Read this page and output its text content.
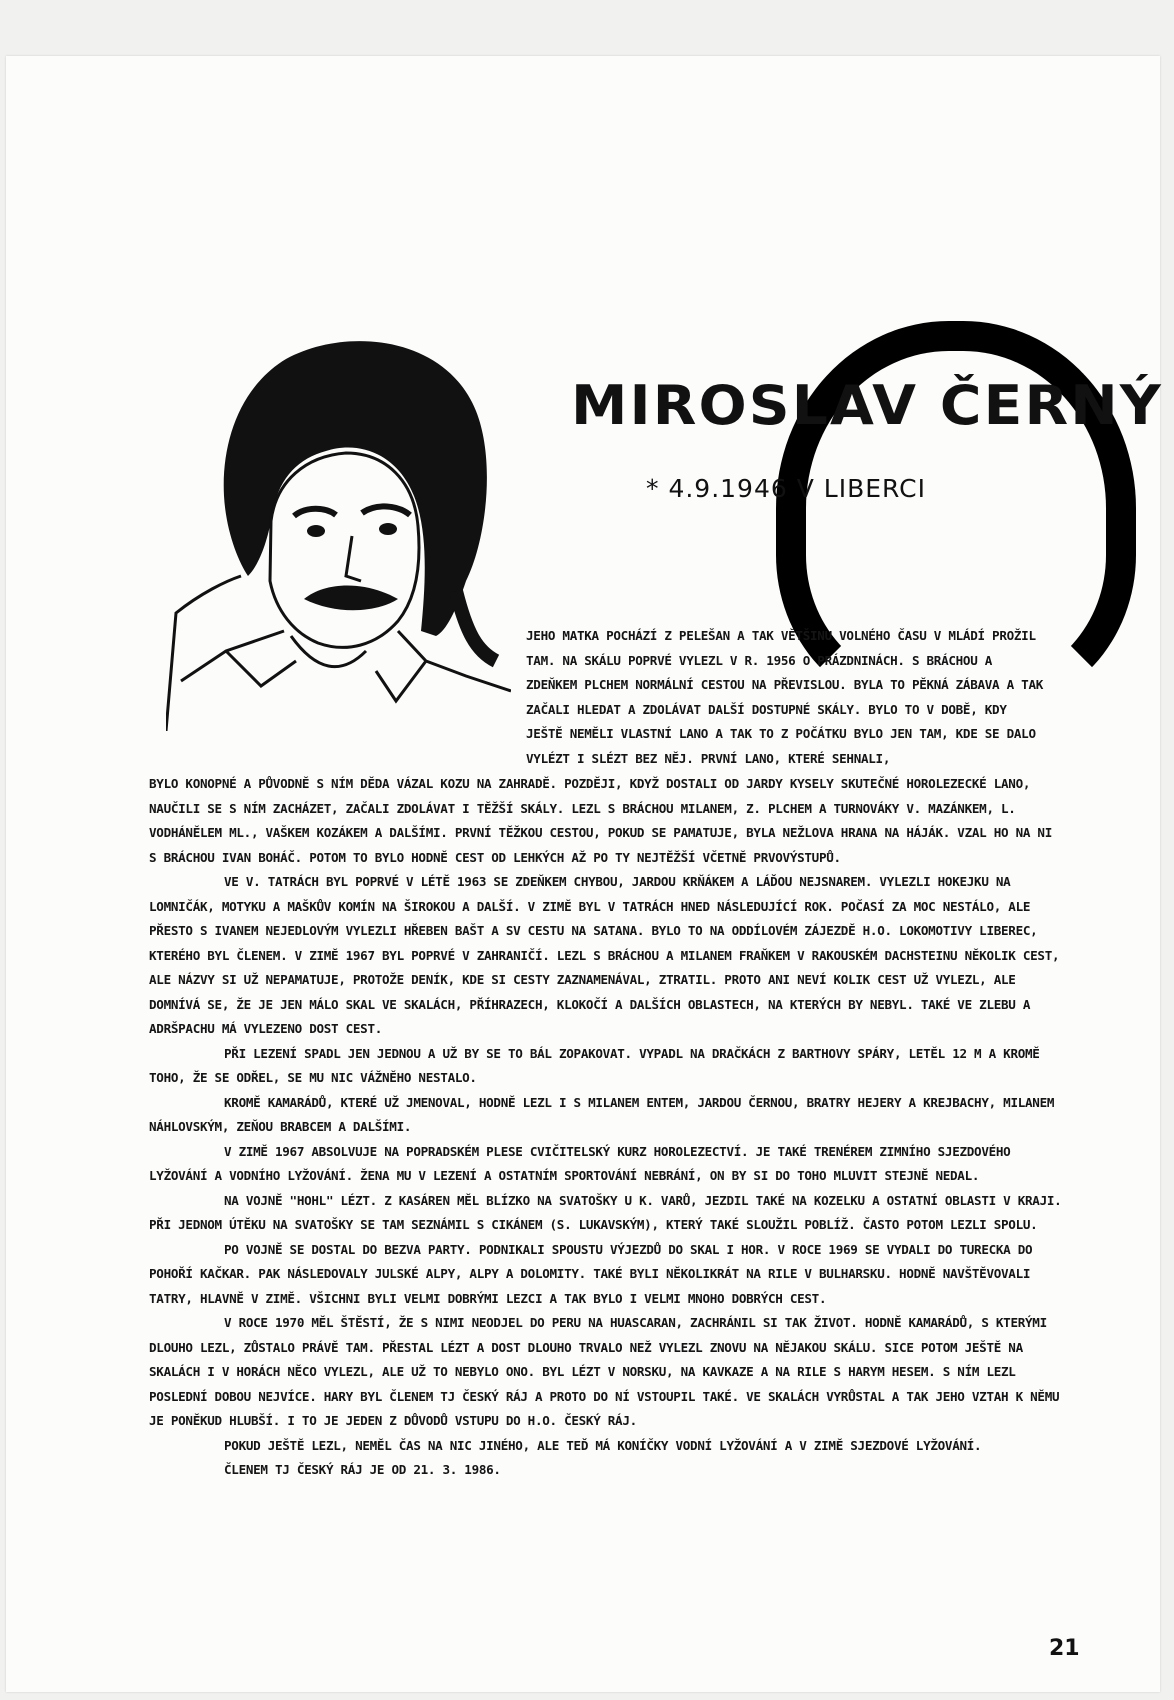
MIROSLAV ČERNÝ
* 4.9.1946 V LIBERCI

JEHO MATKA POCHÁZÍ Z PELEŠAN A TAK VĚTŠINU VOLNÉHO ČASU V MLÁDÍ PROŽIL TAM. NA SKÁLU POPRVÉ VYLEZL V R. 1956 O PRÁZDNINÁCH. S BRÁCHOU A ZDEŇKEM PLCHEM NORMÁLNÍ CESTOU NA PŘEVISLOU. BYLA TO PĚKNÁ ZÁBAVA A TAK ZAČALI HLEDAT A ZDOLÁVAT DALŠÍ DOSTUPNÉ SKÁLY. BYLO TO V DOBĚ, KDY JEŠTĚ NEMĚLI VLASTNÍ LANO A TAK TO Z POČÁTKU BYLO JEN TAM, KDE SE DALO VYLÉZT I SLÉZT BEZ NĚJ. PRVNÍ LANO, KTERÉ SEHNALI,

BYLO KONOPNÉ A PŮVODNĚ S NÍM DĚDA VÁZAL KOZU NA ZAHRADĚ. POZDĚJI, KDYŽ DOSTALI OD JARDY KYSELY SKUTEČNÉ HOROLEZECKÉ LANO, NAUČILI SE S NÍM ZACHÁZET, ZAČALI ZDOLÁVAT I TĚŽŠÍ SKÁLY. LEZL S BRÁCHOU MILANEM, Z. PLCHEM A TURNOVÁKY V. MAZÁNKEM, L. VODHÁNĚLEM ML., VAŠKEM KOZÁKEM A DALŠÍMI. PRVNÍ TĚŽKOU CESTOU, POKUD SE PAMATUJE, BYLA NEŽLOVA HRANA NA HÁJÁK. VZAL HO NA NI S BRÁCHOU IVAN BOHÁČ. POTOM TO BYLO HODNĚ CEST OD LEHKÝCH AŽ PO TY NEJTĚŽŠÍ VČETNĚ PRVOVÝSTUPŮ.

VE V. TATRÁCH BYL POPRVÉ V LÉTĚ 1963 SE ZDEŇKEM CHYBOU, JARDOU KRŇÁKEM A LÁĎOU NEJSNAREM. VYLEZLI HOKEJKU NA LOMNIČÁK, MOTYKU A MAŠKŮV KOMÍN NA ŠIROKOU A DALŠÍ. V ZIMĚ BYL V TATRÁCH HNED NÁSLEDUJÍCÍ ROK. POČASÍ ZA MOC NESTÁLO, ALE PŘESTO S IVANEM NEJEDLOVÝM VYLEZLI HŘEBEN BAŠT A SV CESTU NA SATANA. BYLO TO NA ODDÍLOVÉM ZÁJEZDĚ H.O. LOKOMOTIVY LIBEREC, KTERÉHO BYL ČLENEM. V ZIMĚ 1967 BYL POPRVÉ V ZAHRANIČÍ. LEZL S BRÁCHOU A MILANEM FRAŇKEM V RAKOUSKÉM DACHSTEINU NĚKOLIK CEST, ALE NÁZVY SI UŽ NEPAMATUJE, PROTOŽE DENÍK, KDE SI CESTY ZAZNAMENÁVAL, ZTRATIL. PROTO ANI NEVÍ KOLIK CEST UŽ VYLEZL, ALE DOMNÍVÁ SE, ŽE JE JEN MÁLO SKAL VE SKALÁCH, PŘÍHRAZECH, KLOKOČÍ A DALŠÍCH OBLASTECH, NA KTERÝCH BY NEBYL. TAKÉ VE ZLEBU A ADRŠPACHU MÁ VYLEZENO DOST CEST.

PŘI LEZENÍ SPADL JEN JEDNOU A UŽ BY SE TO BÁL ZOPAKOVAT. VYPADL NA DRAČKÁCH Z BARTHOVY SPÁRY, LETĚL 12 M A KROMĚ TOHO, ŽE SE ODŘEL, SE MU NIC VÁŽNĚHO NESTALO.

KROMĚ KAMARÁDŮ, KTERÉ UŽ JMENOVAL, HODNĚ LEZL I S MILANEM ENTEM, JARDOU ČERNOU, BRATRY HEJERY A KREJBACHY, MILANEM NÁHLOVSKÝM, ZEŇOU BRABCEM A DALŠÍMI.

V ZIMĚ 1967 ABSOLVUJE NA POPRADSKÉM PLESE CVIČITELSKÝ KURZ HOROLEZECTVÍ. JE TAKÉ TRENÉREM ZIMNÍHO SJEZDOVÉHO LYŽOVÁNÍ A VODNÍHO LYŽOVÁNÍ. ŽENA MU V LEZENÍ A OSTATNÍM SPORTOVÁNÍ NEBRÁNÍ, ON BY SI DO TOHO MLUVIT STEJNĚ NEDAL.

NA VOJNĚ "HOHL" LÉZT. Z KASÁREN MĚL BLÍZKO NA SVATOŠKY U K. VARŮ, JEZDIL TAKÉ NA KOZELKU A OSTATNÍ OBLASTI V KRAJI. PŘI JEDNOM ÚTĚKU NA SVATOŠKY SE TAM SEZNÁMIL S CIKÁNEM (S. LUKAVSKÝM), KTERÝ TAKÉ SLOUŽIL POBLÍŽ. ČASTO POTOM LEZLI SPOLU.

PO VOJNĚ SE DOSTAL DO BEZVA PARTY. PODNIKALI SPOUSTU VÝJEZDŮ DO SKAL I HOR. V ROCE 1969 SE VYDALI DO TURECKA DO POHOŘÍ KAČKAR. PAK NÁSLEDOVALY JULSKÉ ALPY, ALPY A DOLOMITY. TAKÉ BYLI NĚKOLIKRÁT NA RILE V BULHARSKU. HODNĚ NAVŠTĚVOVALI TATRY, HLAVNĚ V ZIMĚ. VŠICHNI BYLI VELMI DOBRÝMI LEZCI A TAK BYLO I VELMI MNOHO DOBRÝCH CEST.

V ROCE 1970 MĚL ŠTĚSTÍ, ŽE S NIMI NEODJEL DO PERU NA HUASCARAN, ZACHRÁNIL SI TAK ŽIVOT. HODNĚ KAMARÁDŮ, S KTERÝMI DLOUHO LEZL, ZŮSTALO PRÁVĚ TAM. PŘESTAL LÉZT A DOST DLOUHO TRVALO NEŽ VYLEZL ZNOVU NA NĚJAKOU SKÁLU. SICE POTOM JEŠTĚ NA SKALÁCH I V HORÁCH NĚCO VYLEZL, ALE UŽ TO NEBYLO ONO. BYL LÉZT V NORSKU, NA KAVKAZE A NA RILE S HARYM HESEM. S NÍM LEZL POSLEDNÍ DOBOU NEJVÍCE. HARY BYL ČLENEM TJ ČESKÝ RÁJ A PROTO DO NÍ VSTOUPIL TAKÉ. VE SKALÁCH VYRŮSTAL A TAK JEHO VZTAH K NĚMU JE PONĚKUD HLUBŠÍ. I TO JE JEDEN Z DŮVODŮ VSTUPU DO H.O. ČESKÝ RÁJ.

POKUD JEŠTĚ LEZL, NEMĚL ČAS NA NIC JINÉHO, ALE TEĎ MÁ KONÍČKY VODNÍ LYŽOVÁNÍ A V ZIMĚ SJEZDOVÉ LYŽOVÁNÍ.

ČLENEM TJ ČESKÝ RÁJ JE OD 21. 3. 1986.

21
